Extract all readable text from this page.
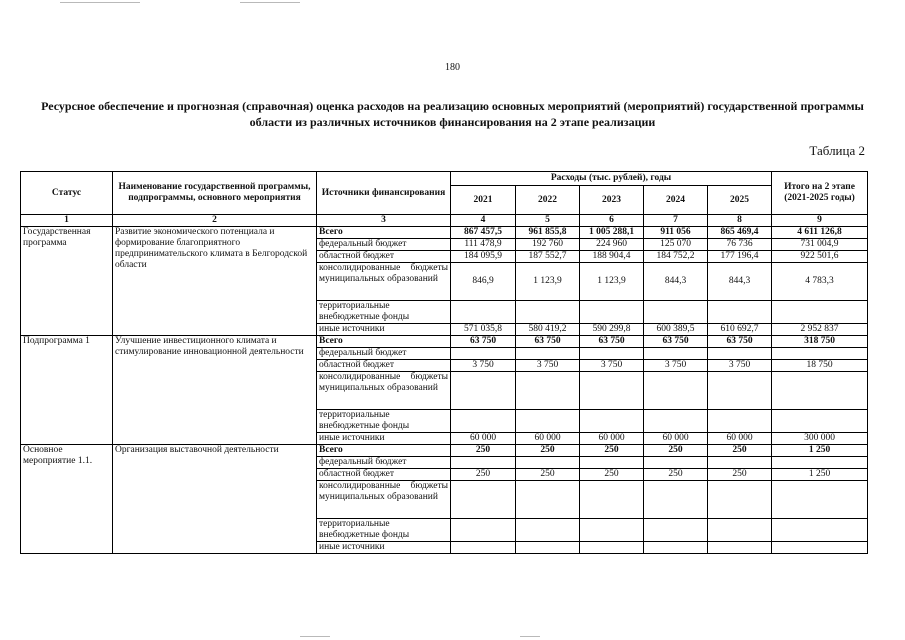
180
Ресурсное обеспечение и прогнозная (справочная) оценка расходов на реализацию основных мероприятий (мероприятий) государственной программы области из различных источников финансирования на 2 этапе реализации
Таблица 2
Статус	Наименование государственной программы, подпрограммы, основного мероприятия	Источники финансирования	Расходы (тыс. рублей), годы					Итого на 2 этапе (2021-2025 годы)
			2021	2022	2023	2024	2025	
1	2	3	4	5	6	7	8	9
Государственная программа	Развитие экономического потенциала и формирование благоприятного предпринимательского климата в Белгородской области	Всего	867 457,5	961 855,8	1 005 288,1	911 056	865 469,4	4 611 126,8
		федеральный бюджет	111 478,9	192 760	224 960	125 070	76 736	731 004,9
		областной бюджет	184 095,9	187 552,7	188 904,4	184 752,2	177 196,4	922 501,6
		консолидированные бюджеты муниципальных образований	846,9	1 123,9	1 123,9	844,3	844,3	4 783,3
		территориальные внебюджетные фонды						
		иные источники	571 035,8	580 419,2	590 299,8	600 389,5	610 692,7	2 952 837
Подпрограмма 1	Улучшение инвестиционного климата и стимулирование инновационной деятельности	Всего	63 750	63 750	63 750	63 750	63 750	318 750
		федеральный бюджет						
		областной бюджет	3 750	3 750	3 750	3 750	3 750	18 750
		консолидированные бюджеты муниципальных образований						
		территориальные внебюджетные фонды						
		иные источники	60 000	60 000	60 000	60 000	60 000	300 000
Основное мероприятие 1.1.	Организация выставочной деятельности	Всего	250	250	250	250	250	1 250
		федеральный бюджет						
		областной бюджет	250	250	250	250	250	1 250
		консолидированные бюджеты муниципальных образований						
		территориальные внебюджетные фонды						
		иные источники						
